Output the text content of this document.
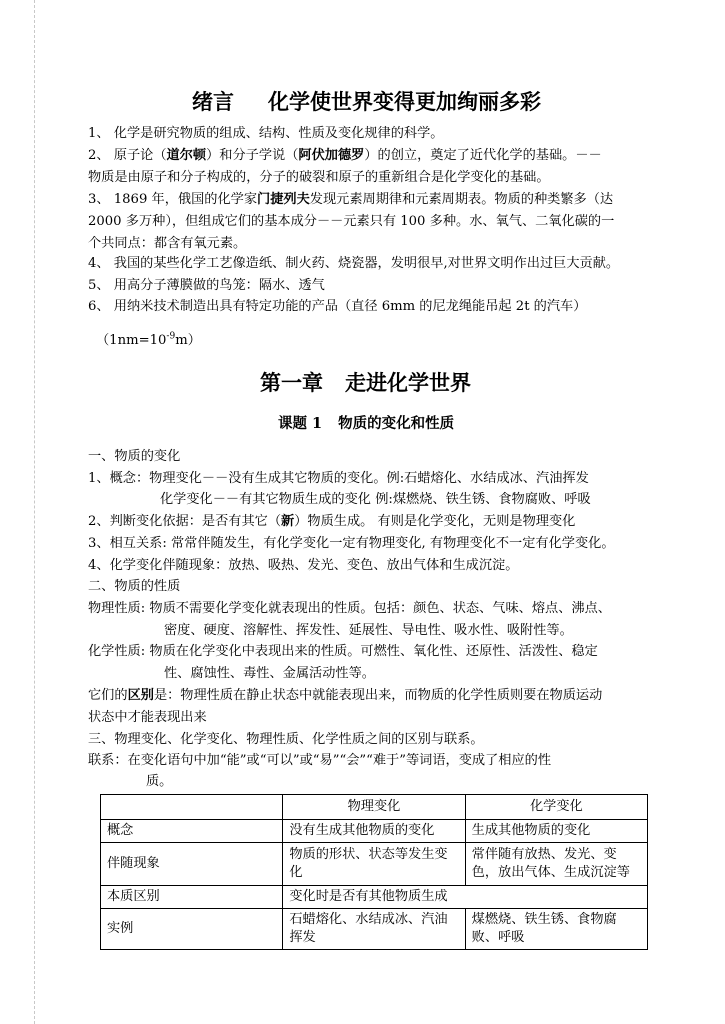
绪言 化学使世界变得更加绚丽多彩
1、 化学是研究物质的组成、结构、性质及变化规律的科学。
2、 原子论（道尔顿）和分子学说（阿伏加德罗）的创立，奠定了近代化学的基础。－－
物质是由原子和分子构成的，分子的破裂和原子的重新组合是化学变化的基础。
3、 1869 年，俄国的化学家门捷列夫发现元素周期律和元素周期表。物质的种类繁多（达
2000 多万种），但组成它们的基本成分－－元素只有 100 多种。水、氧气、二氧化碳的一
个共同点：都含有氧元素。
4、 我国的某些化学工艺像造纸、制火药、烧瓷器，发明很早,对世界文明作出过巨大贡献。
5、 用高分子薄膜做的鸟笼：隔水、透气
6、 用纳米技术制造出具有特定功能的产品（直径 6mm 的尼龙绳能吊起 2t 的汽车）
$(1nm=10^{-9}m)$
第一章 走进化学世界
课题 1 物质的变化和性质
一、物质的变化
1、概念：物理变化－－没有生成其它物质的变化。例:石蜡熔化、水结成冰、汽油挥发
化学变化－－有其它物质生成的变化 例:煤燃烧、铁生锈、食物腐败、呼吸
2、判断变化依据：是否有其它（新）物质生成。 有则是化学变化，无则是物理变化
3、相互关系: 常常伴随发生，有化学变化一定有物理变化, 有物理变化不一定有化学变化。
4、化学变化伴随现象：放热、吸热、发光、变色、放出气体和生成沉淀。
二、物质的性质
物理性质: 物质不需要化学变化就表现出的性质。包括：颜色、状态、气味、熔点、沸点、
密度、硬度、溶解性、挥发性、延展性、导电性、吸水性、吸附性等。
化学性质: 物质在化学变化中表现出来的性质。可燃性、氧化性、还原性、活泼性、稳定
性、腐蚀性、毒性、金属活动性等。
它们的区别是：物理性质在静止状态中就能表现出来，而物质的化学性质则要在物质运动
状态中才能表现出来
三、物理变化、化学变化、物理性质、化学性质之间的区别与联系。
联系：在变化语句中加“能”或“可以”或“易”“会”“难于”等词语，变成了相应的性
质。
	物理变化	化学变化
概念	没有生成其他物质的变化	生成其他物质的变化
伴随现象	物质的形状、状态等发生变化	常伴随有放热、发光、变色，放出气体、生成沉淀等
本质区别	变化时是否有其他物质生成	
实例	石蜡熔化、水结成冰、汽油挥发	煤燃烧、铁生锈、食物腐败、呼吸
